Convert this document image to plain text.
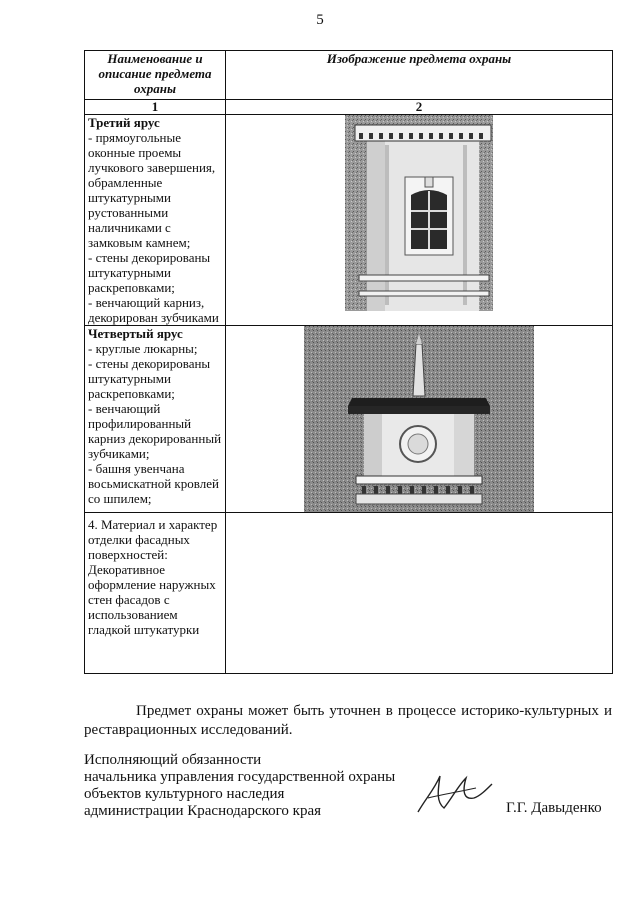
5
Наименование и описание предмета охраны	Изображение предмета охраны
1	2

Третий ярус
- прямоугольные оконные проемы лучкового завершения, обрамленные штукатурными рустованными наличниками с замковым камнем;
- стены декорированы штукатурными раскреповками;
- венчающий карниз, декорирован зубчиками

Четвертый ярус
- круглые люкарны;
- стены декорированы штукатурными раскреповками;
- венчающий профилированный карниз декорированный зубчиками;
- башня увенчана восьмискатной кровлей со шпилем;

4. Материал и характер отделки фасадных поверхностей: Декоративное оформление наружных стен фасадов с использованием гладкой штукатурки	

Предмет охраны может быть уточнен в процессе историко-культурных и реставрационных исследований.
Исполняющий обязанности
начальника управления государственной охраны
объектов культурного наследия
администрации Краснодарского края	Г.Г. Давыденко
